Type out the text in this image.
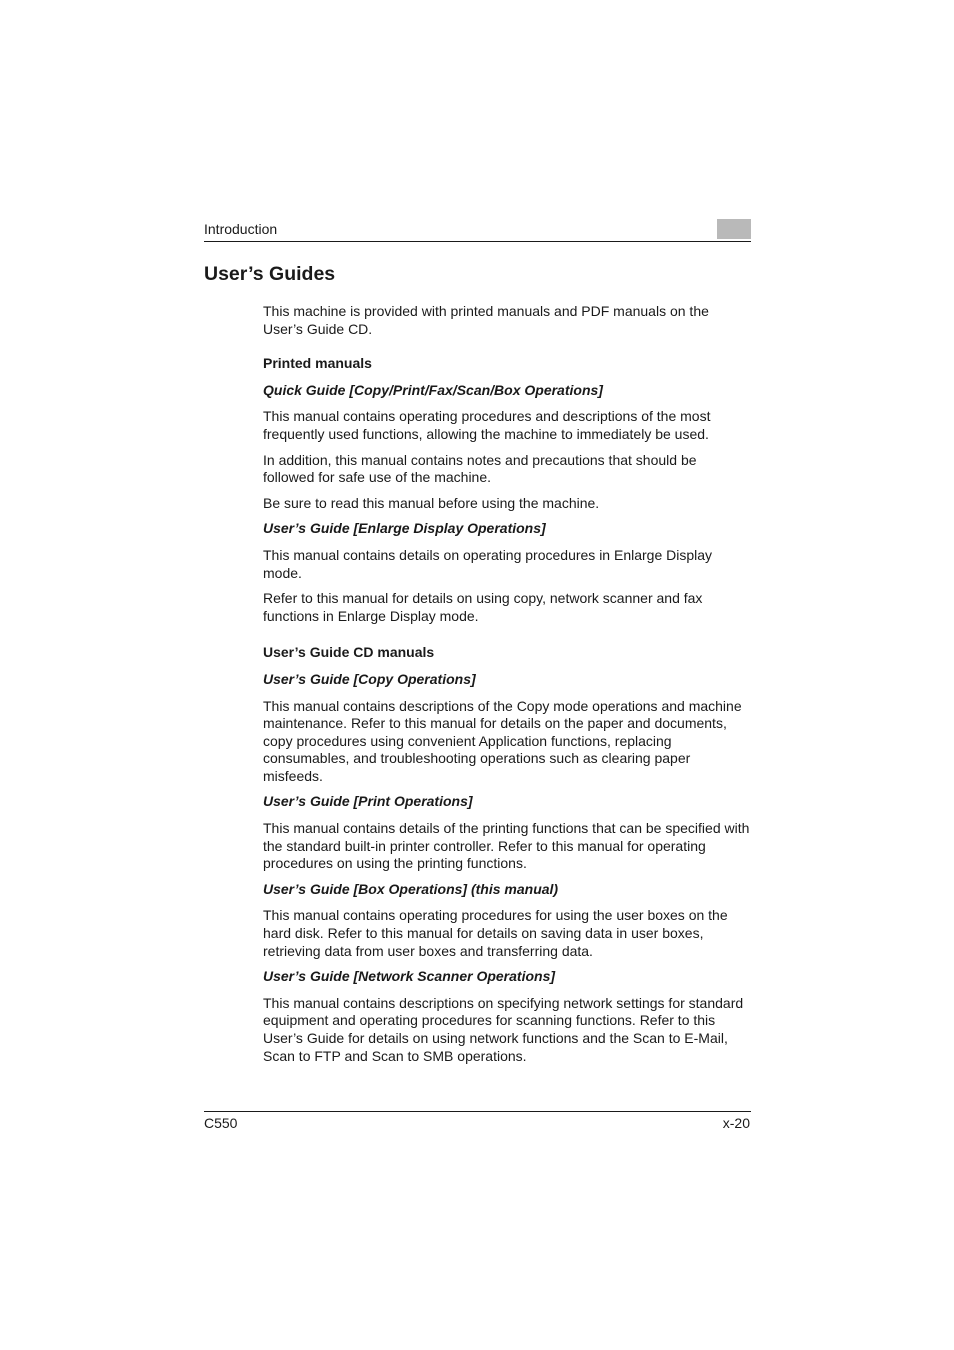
Introduction
User’s Guides

This machine is provided with printed manuals and PDF manuals on the User’s Guide CD.

Printed manuals

Quick Guide [Copy/Print/Fax/Scan/Box Operations]

This manual contains operating procedures and descriptions of the most frequently used functions, allowing the machine to immediately be used.

In addition, this manual contains notes and precautions that should be followed for safe use of the machine.

Be sure to read this manual before using the machine.

User’s Guide [Enlarge Display Operations]

This manual contains details on operating procedures in Enlarge Display mode.

Refer to this manual for details on using copy, network scanner and fax functions in Enlarge Display mode.

User’s Guide CD manuals

User’s Guide [Copy Operations]

This manual contains descriptions of the Copy mode operations and machine maintenance. Refer to this manual for details on the paper and documents, copy procedures using convenient Application functions, replacing consumables, and troubleshooting operations such as clearing paper misfeeds.

User’s Guide [Print Operations]

This manual contains details of the printing functions that can be specified with the standard built-in printer controller. Refer to this manual for operating procedures on using the printing functions.

User’s Guide [Box Operations] (this manual)

This manual contains operating procedures for using the user boxes on the hard disk. Refer to this manual for details on saving data in user boxes, retrieving data from user boxes and transferring data.

User’s Guide [Network Scanner Operations]

This manual contains descriptions on specifying network settings for standard equipment and operating procedures for scanning functions. Refer to this User’s Guide for details on using network functions and the Scan to E-Mail, Scan to FTP and Scan to SMB operations.

C550	x-20
